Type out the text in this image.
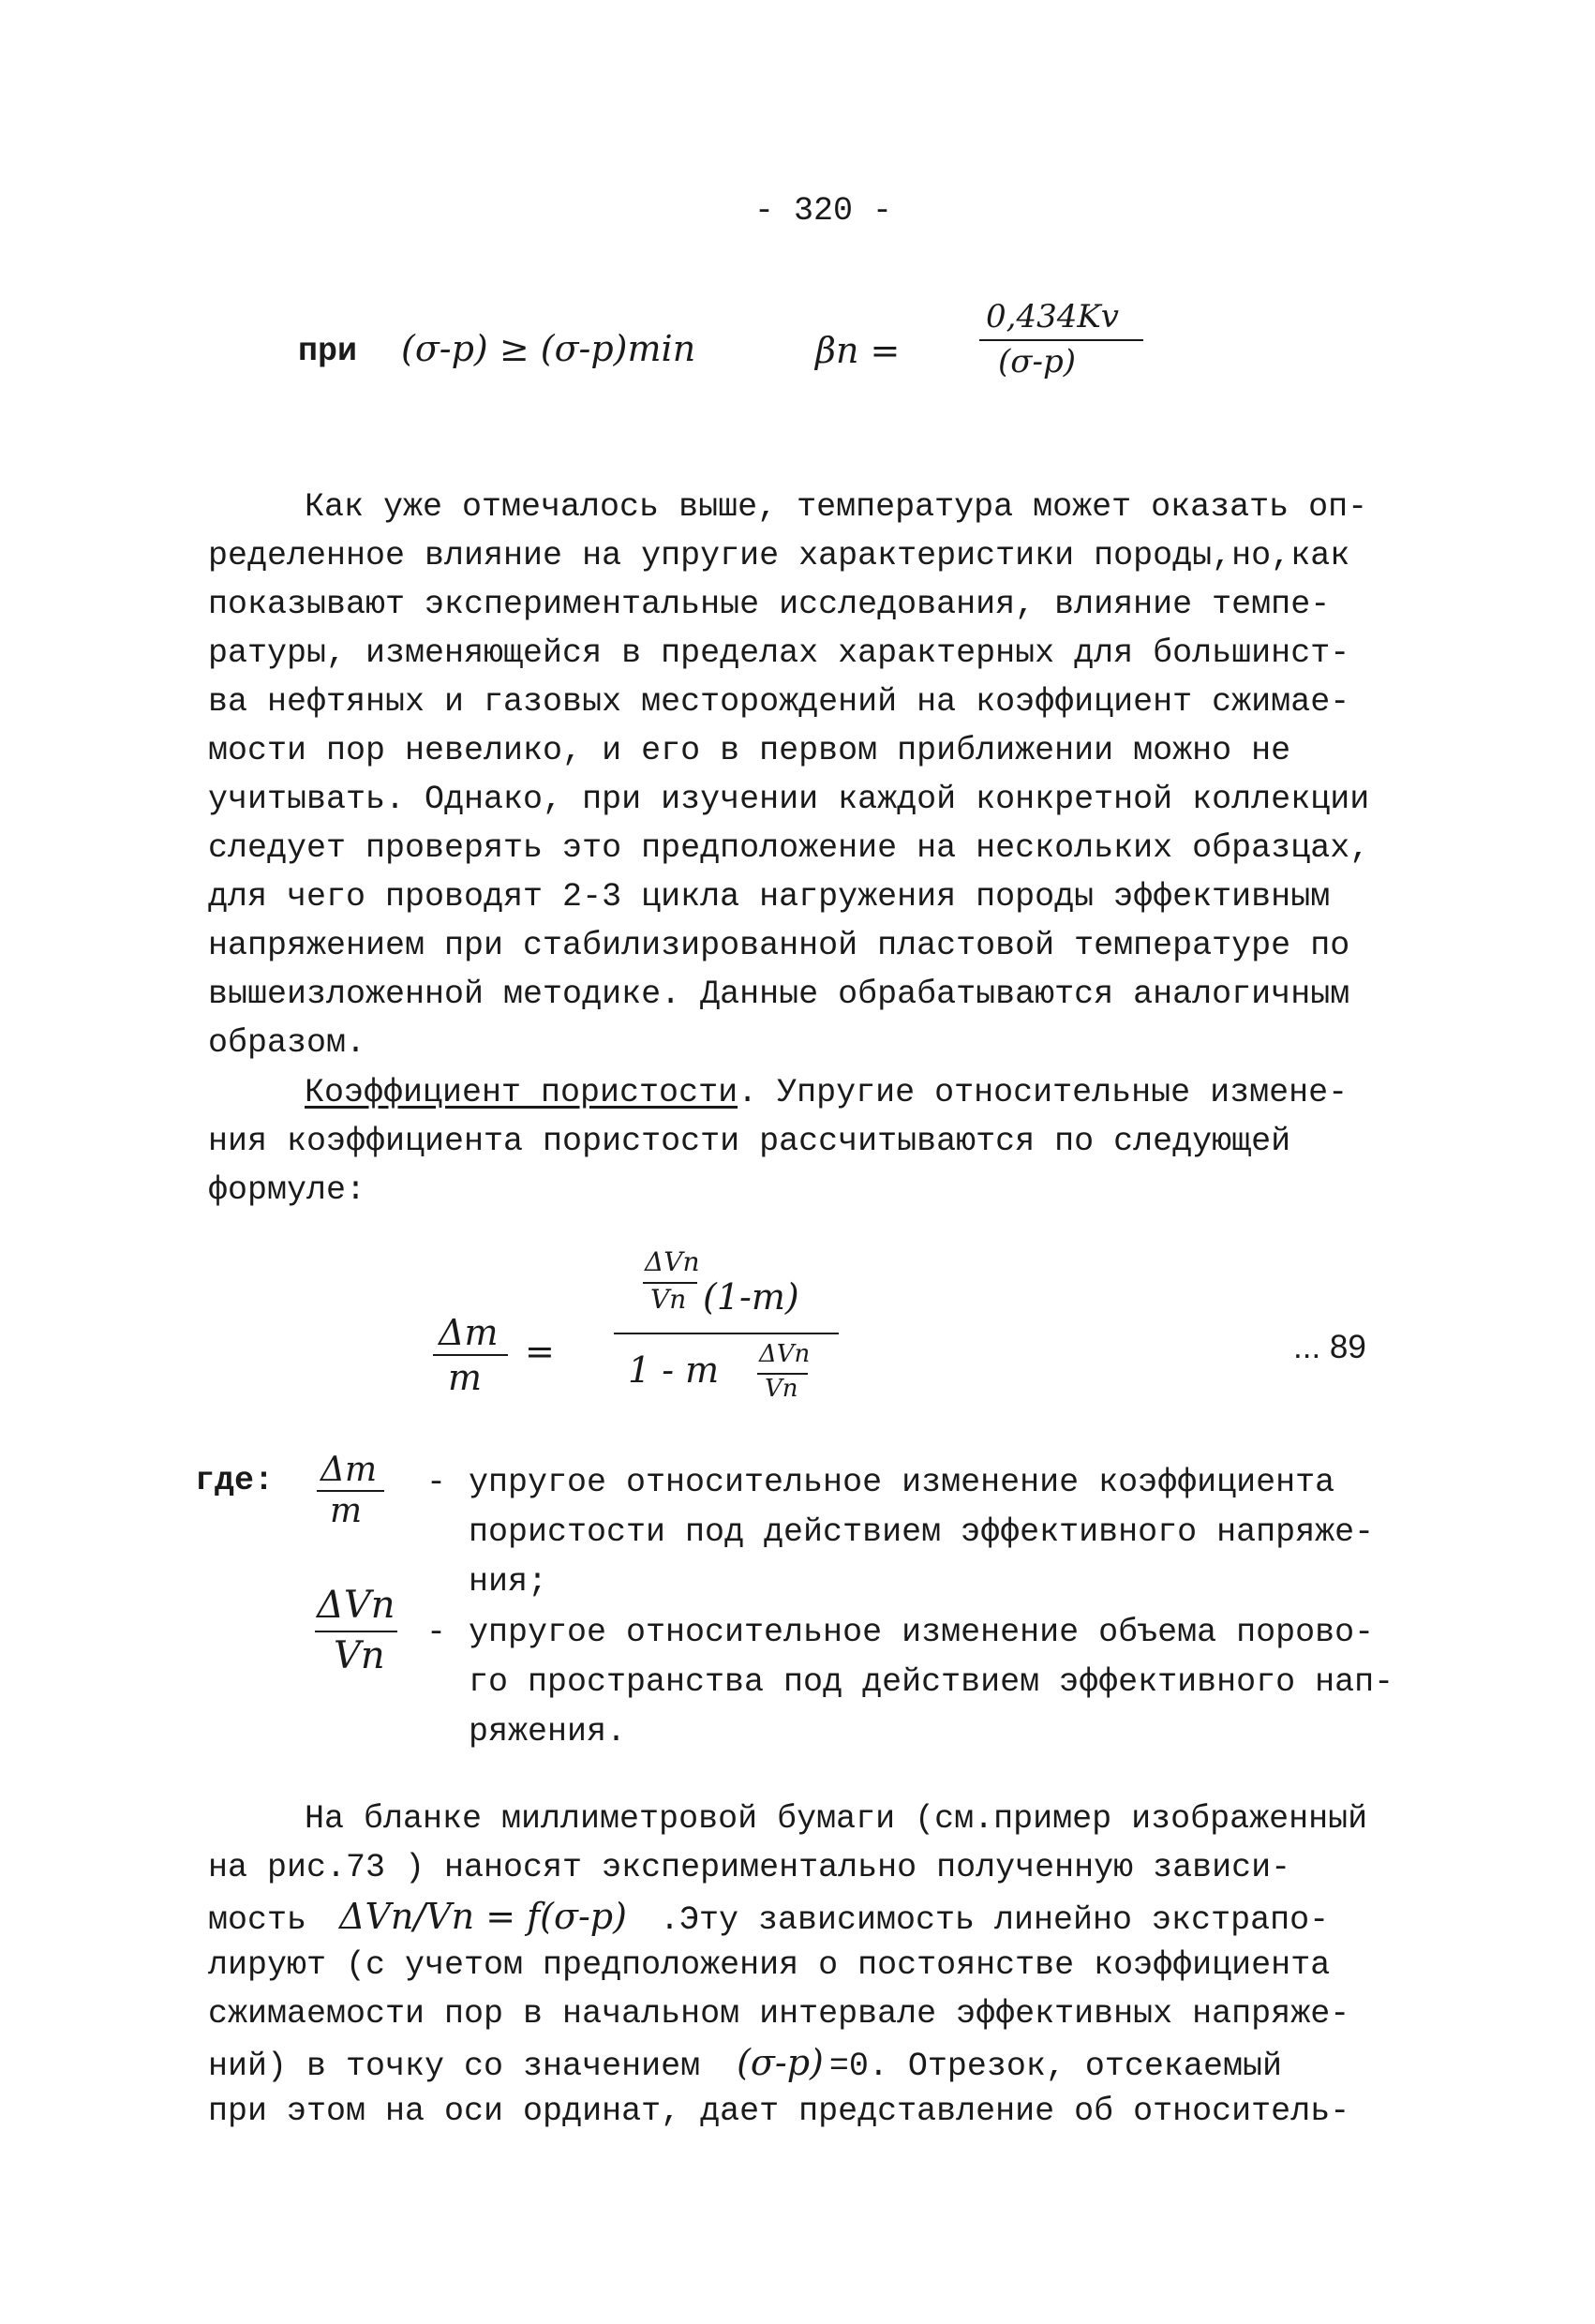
- 320 -
при (σ-p) ≥ (σ-p)min	βп =
0,434Kv
(σ-p)
Как уже отмечалось выше, температура может оказать оп-
ределенное влияние на упругие характеристики породы,но,как
показывают экспериментальные исследования, влияние темпе-
ратуры, изменяющейся в пределах характерных для большинст-
ва нефтяных и газовых месторождений на коэффициент сжимае-
мости пор невелико, и его в первом приближении можно не
учитывать. Однако, при изучении каждой конкретной коллекции
следует проверять это предположение на нескольких образцах,
для чего проводят 2-3 цикла нагружения породы эффективным
напряжением при стабилизированной пластовой температуре по
вышеизложенной методике. Данные обрабатываются аналогичным
образом.
Коэффициент пористости. Упругие относительные измене-
ния коэффициента пористости рассчитываются по следующей
формуле:
Δm
m
=
ΔVп
Vп (1-m)
1 - m ΔVп
Vп
... 89
где: Δm
m
- упругое относительное изменение коэффициента
пористости под действием эффективного напряже-
ния;
ΔVп
Vп
- упругое относительное изменение объема порово-
го пространства под действием эффективного нап-
ряжения.
На бланке миллиметровой бумаги (см.пример изображенный
на рис.73 ) наносят экспериментально полученную зависи-
мость ΔVп/Vп = f(σ-p) .Эту зависимость линейно экстрапо-
лируют (с учетом предположения о постоянстве коэффициента
сжимаемости пор в начальном интервале эффективных напряже-
ний) в точку со значением (σ-p) =0. Отрезок, отсекаемый
при этом на оси ординат, дает представление об относитель-
